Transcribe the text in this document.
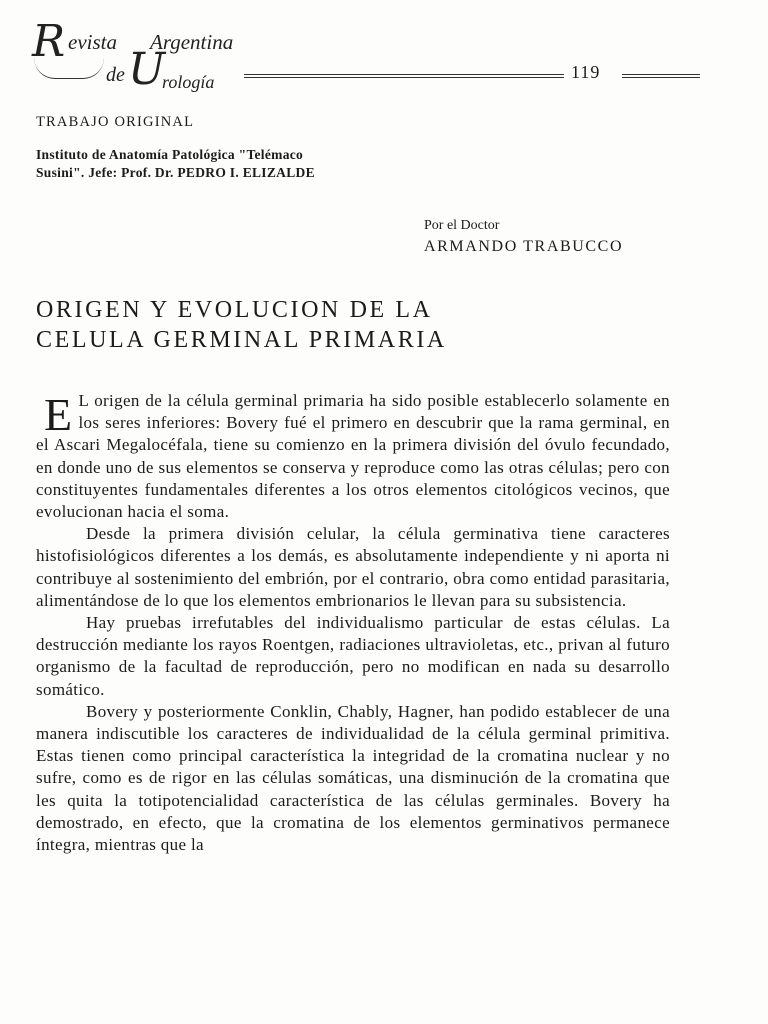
R evista Argentina
de U
rología	119
TRABAJO ORIGINAL
Instituto de Anatomía Patológica "Telémaco
Susini". Jefe: Prof. Dr. PEDRO I. ELIZALDE
Por el Doctor
ARMANDO TRABUCCO
ORIGEN Y EVOLUCION DE LA
CELULA GERMINAL PRIMARIA

E L origen de la célula germinal primaria ha sido posible establecerlo solamente en los seres inferiores: Bovery fué el primero en descubrir que la rama germinal, en el Ascari Megalocéfala, tiene su comienzo en la primera división del óvulo fecundado, en donde uno de sus elementos se conserva y reproduce como las otras células; pero con constituyentes fundamentales diferentes a los otros elementos citológicos vecinos, que evolucionan hacia el soma.

Desde la primera división celular, la célula germinativa tiene caracteres histofisiológicos diferentes a los demás, es absolutamente independiente y ni aporta ni contribuye al sostenimiento del embrión, por el contrario, obra como entidad parasitaria, alimentándose de lo que los elementos embrionarios le llevan para su subsistencia.

Hay pruebas irrefutables del individualismo particular de estas células. La destrucción mediante los rayos Roentgen, radiaciones ultravioletas, etc., privan al futuro organismo de la facultad de reproducción, pero no modifican en nada su desarrollo somático.

Bovery y posteriormente Conklin, Chably, Hagner, han podido establecer de una manera indiscutible los caracteres de individualidad de la célula germinal primitiva. Estas tienen como principal característica la integridad de la cromatina nuclear y no sufre, como es de rigor en las células somáticas, una disminución de la cromatina que les quita la totipotencialidad característica de las células germinales. Bovery ha demostrado, en efecto, que la cromatina de los elementos germinativos permanece íntegra, mientras que la
